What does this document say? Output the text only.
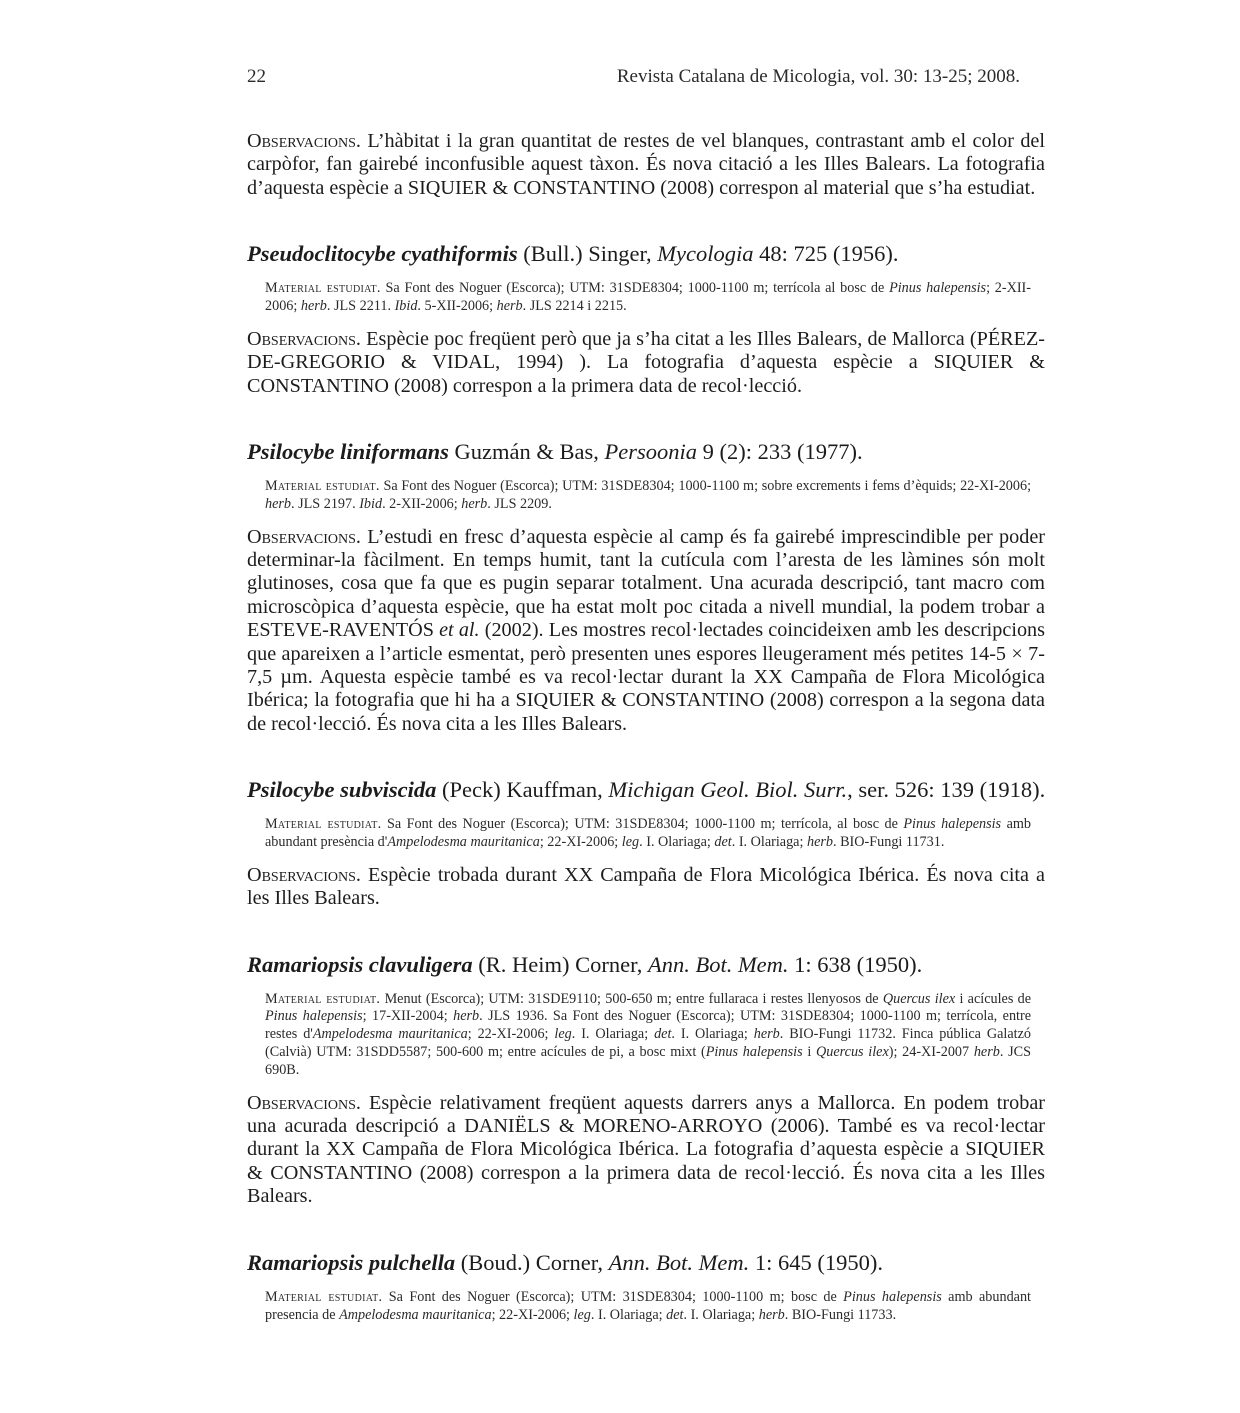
22	Revista Catalana de Micologia, vol. 30: 13-25; 2008.

Observacions. L’hàbitat i la gran quantitat de restes de vel blanques, contrastant amb el color del carpòfor, fan gairebé inconfusible aquest tàxon. És nova citació a les Illes Balears. La fotografia d’aquesta espècie a SIQUIER & CONSTANTINO (2008) correspon al material que s’ha estudiat.

Pseudoclitocybe cyathiformis (Bull.) Singer, Mycologia 48: 725 (1956).

Material estudiat. Sa Font des Noguer (Escorca); UTM: 31SDE8304; 1000-1100 m; terrícola al bosc de Pinus halepensis; 2-XII-2006; herb. JLS 2211. Ibid. 5-XII-2006; herb. JLS 2214 i 2215.

Observacions. Espècie poc freqüent però que ja s’ha citat a les Illes Balears, de Mallorca (PÉREZ-DE-GREGORIO & VIDAL, 1994) ). La fotografia d’aquesta espècie a SIQUIER & CONSTANTINO (2008) correspon a la primera data de recol·lecció.

Psilocybe liniformans Guzmán & Bas, Persoonia 9 (2): 233 (1977).

Material estudiat. Sa Font des Noguer (Escorca); UTM: 31SDE8304; 1000-1100 m; sobre excrements i fems d’èquids; 22-XI-2006; herb. JLS 2197. Ibid. 2-XII-2006; herb. JLS 2209.

Observacions. L’estudi en fresc d’aquesta espècie al camp és fa gairebé imprescindible per poder determinar-la fàcilment. En temps humit, tant la cutícula com l’aresta de les làmines són molt glutinoses, cosa que fa que es pugin separar totalment. Una acurada descripció, tant macro com microscòpica d’aquesta espècie, que ha estat molt poc citada a nivell mundial, la podem trobar a ESTEVE-RAVENTÓS et al. (2002). Les mostres recol·lectades coincideixen amb les descripcions que apareixen a l’article esmentat, però presenten unes espores lleugerament més petites 14-5 × 7-7,5 µm. Aquesta espècie també es va recol·lectar durant la XX Campaña de Flora Micológica Ibérica; la fotografia que hi ha a SIQUIER & CONSTANTINO (2008) correspon a la segona data de recol·lecció. És nova cita a les Illes Balears.

Psilocybe subviscida (Peck) Kauffman, Michigan Geol. Biol. Surr., ser. 526: 139 (1918).

Material estudiat. Sa Font des Noguer (Escorca); UTM: 31SDE8304; 1000-1100 m; terrícola, al bosc de Pinus halepensis amb abundant presència d'Ampelodesma mauritanica; 22-XI-2006; leg. I. Olariaga; det. I. Olariaga; herb. BIO-Fungi 11731.

Observacions. Espècie trobada durant XX Campaña de Flora Micológica Ibérica. És nova cita a les Illes Balears.

Ramariopsis clavuligera (R. Heim) Corner, Ann. Bot. Mem. 1: 638 (1950).

Material estudiat. Menut (Escorca); UTM: 31SDE9110; 500-650 m; entre fullaraca i restes llenyosos de Quercus ilex i acícules de Pinus halepensis; 17-XII-2004; herb. JLS 1936. Sa Font des Noguer (Escorca); UTM: 31SDE8304; 1000-1100 m; terrícola, entre restes d'Ampelodesma mauritanica; 22-XI-2006; leg. I. Olariaga; det. I. Olariaga; herb. BIO-Fungi 11732. Finca pública Galatzó (Calvià) UTM: 31SDD5587; 500-600 m; entre acícules de pi, a bosc mixt (Pinus halepensis i Quercus ilex); 24-XI-2007 herb. JCS 690B.

Observacions. Espècie relativament freqüent aquests darrers anys a Mallorca. En podem trobar una acurada descripció a DANIËLS & MORENO-ARROYO (2006). També es va recol·lectar durant la XX Campaña de Flora Micológica Ibérica. La fotografia d’aquesta espècie a SIQUIER & CONSTANTINO (2008) correspon a la primera data de recol·lecció. És nova cita a les Illes Balears.

Ramariopsis pulchella (Boud.) Corner, Ann. Bot. Mem. 1: 645 (1950).

Material estudiat. Sa Font des Noguer (Escorca); UTM: 31SDE8304; 1000-1100 m; bosc de Pinus halepensis amb abundant presencia de Ampelodesma mauritanica; 22-XI-2006; leg. I. Olariaga; det. I. Olariaga; herb. BIO-Fungi 11733.
